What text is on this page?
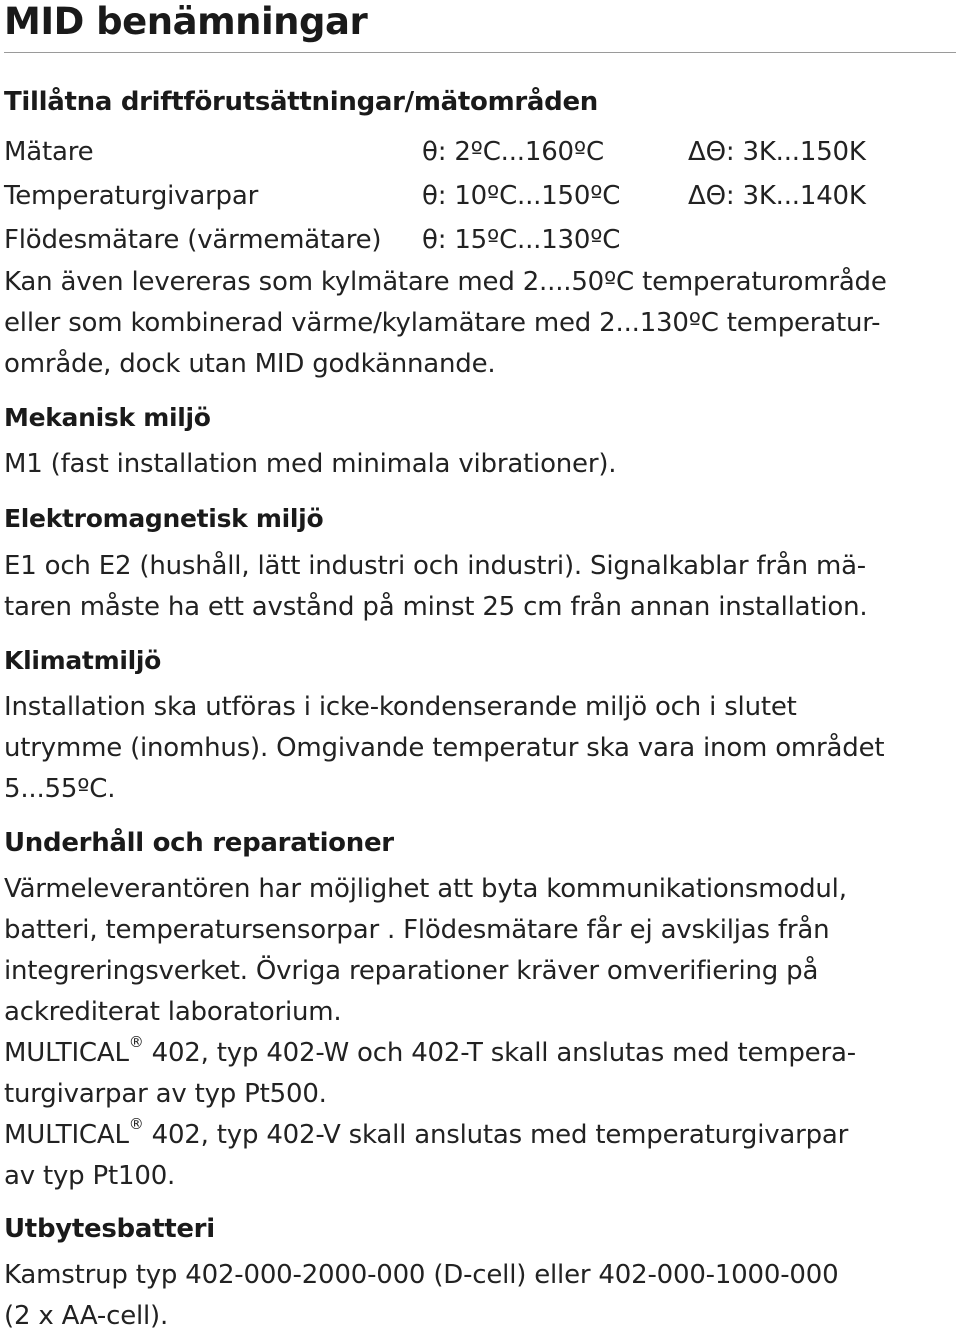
MID benämningar
Tillåtna driftförutsättningar/mätområden
Mätare	θ: 2ºC...160ºC	ΔΘ: 3K...150K
Temperaturgivarpar	θ: 10ºC...150ºC	ΔΘ: 3K...140K
Flödesmätare (värmemätare) θ: 15ºC...130ºC
Kan även levereras som kylmätare med 2....50ºC temperaturområde
eller som kombinerad värme/kylamätare med 2...130ºC temperatur-
område, dock utan MID godkännande.
Mekanisk miljö
M1 (fast installation med minimala vibrationer).
Elektromagnetisk miljö
E1 och E2 (hushåll, lätt industri och industri). Signalkablar från mä-
taren måste ha ett avstånd på minst 25 cm från annan installation.
Klimatmiljö
Installation ska utföras i icke-kondenserande miljö och i slutet
utrymme (inomhus). Omgivande temperatur ska vara inom området
5...55ºC.
Underhåll och reparationer
Värmeleverantören har möjlighet att byta kommunikationsmodul,
batteri, temperatursensorpar . Flödesmätare får ej avskiljas från
integreringsverket. Övriga reparationer kräver omverifiering på
ackrediterat laboratorium.
MULTICAL® 402, typ 402-W och 402-T skall anslutas med tempera-
turgivarpar av typ Pt500.
MULTICAL® 402, typ 402-V skall anslutas med temperaturgivarpar
av typ Pt100.
Utbytesbatteri
Kamstrup typ 402-000-2000-000 (D-cell) eller 402-000-1000-000
(2 x AA-cell).
